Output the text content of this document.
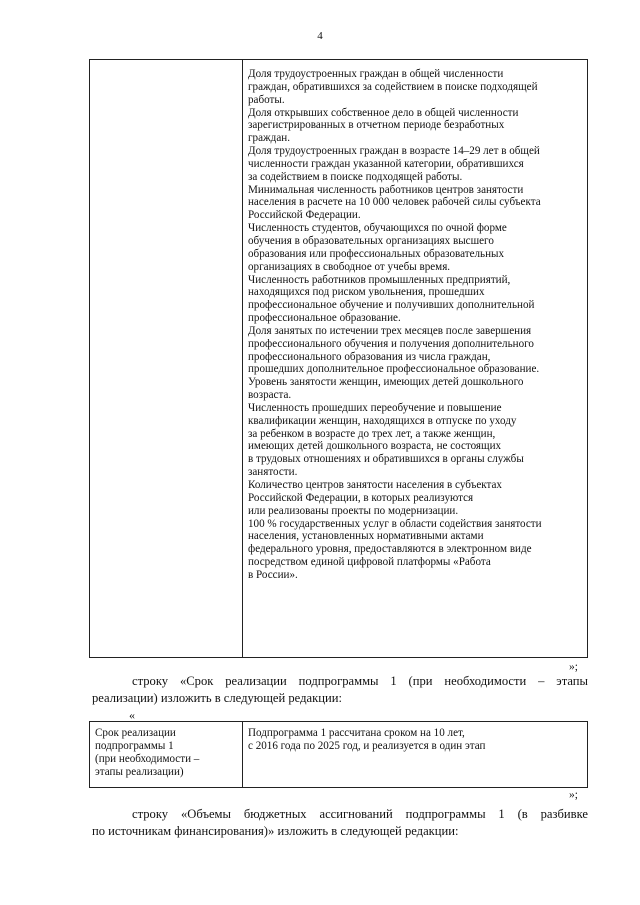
4
Доля трудоустроенных граждан в общей численности
граждан, обратившихся за содействием в поиске подходящей
работы.
Доля открывших собственное дело в общей численности
зарегистрированных в отчетном периоде безработных
граждан.
Доля трудоустроенных граждан в возрасте 14–29 лет в общей
численности граждан указанной категории, обратившихся
за содействием в поиске подходящей работы.
Минимальная численность работников центров занятости
населения в расчете на 10 000 человек рабочей силы субъекта
Российской Федерации.
Численность студентов, обучающихся по очной форме
обучения в образовательных организациях высшего
образования или профессиональных образовательных
организациях в свободное от учебы время.
Численность работников промышленных предприятий,
находящихся под риском увольнения, прошедших
профессиональное обучение и получивших дополнительной
профессиональное образование.
Доля занятых по истечении трех месяцев после завершения
профессионального обучения и получения дополнительного
профессионального образования из числа граждан,
прошедших дополнительное профессиональное образование.
Уровень занятости женщин, имеющих детей дошкольного
возраста.
Численность прошедших переобучение и повышение
квалификации женщин, находящихся в отпуске по уходу
за ребенком в возрасте до трех лет, а также женщин,
имеющих детей дошкольного возраста, не состоящих
в трудовых отношениях и обратившихся в органы службы
занятости.
Количество центров занятости населения в субъектах
Российской Федерации, в которых реализуются
или реализованы проекты по модернизации.
100 % государственных услуг в области содействия занятости
населения, установленных нормативными актами
федерального уровня, предоставляются в электронном виде
посредством единой цифровой платформы «Работа
в России».
»;
строку «Срок реализации подпрограммы 1 (при необходимости – этапы
реализации) изложить в следующей редакции:
«
Срок реализации
подпрограммы 1
(при необходимости –
этапы реализации)
Подпрограмма 1 рассчитана сроком на 10 лет,
с 2016 года по 2025 год, и реализуется в один этап
»;
строку «Объемы бюджетных ассигнований подпрограммы 1 (в разбивке
по источникам финансирования)» изложить в следующей редакции:
